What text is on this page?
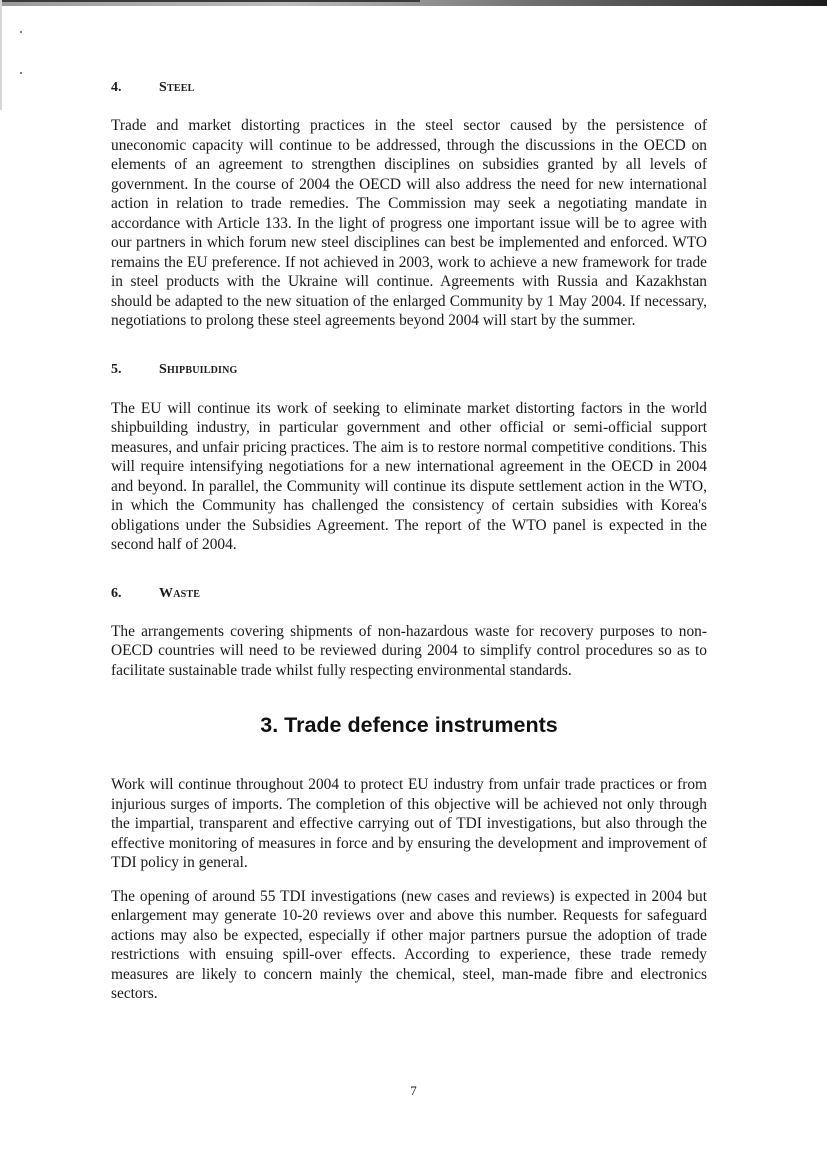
4.	Steel

Trade and market distorting practices in the steel sector caused by the persistence of uneconomic capacity will continue to be addressed, through the discussions in the OECD on elements of an agreement to strengthen disciplines on subsidies granted by all levels of government. In the course of 2004 the OECD will also address the need for new international action in relation to trade remedies. The Commission may seek a negotiating mandate in accordance with Article 133. In the light of progress one important issue will be to agree with our partners in which forum new steel disciplines can best be implemented and enforced. WTO remains the EU preference. If not achieved in 2003, work to achieve a new framework for trade in steel products with the Ukraine will continue. Agreements with Russia and Kazakhstan should be adapted to the new situation of the enlarged Community by 1 May 2004. If necessary, negotiations to prolong these steel agreements beyond 2004 will start by the summer.

5.	Shipbuilding

The EU will continue its work of seeking to eliminate market distorting factors in the world shipbuilding industry, in particular government and other official or semi-official support measures, and unfair pricing practices. The aim is to restore normal competitive conditions. This will require intensifying negotiations for a new international agreement in the OECD in 2004 and beyond. In parallel, the Community will continue its dispute settlement action in the WTO, in which the Community has challenged the consistency of certain subsidies with Korea's obligations under the Subsidies Agreement. The report of the WTO panel is expected in the second half of 2004.

6.	Waste

The arrangements covering shipments of non-hazardous waste for recovery purposes to non-OECD countries will need to be reviewed during 2004 to simplify control procedures so as to facilitate sustainable trade whilst fully respecting environmental standards.

3. Trade defence instruments

Work will continue throughout 2004 to protect EU industry from unfair trade practices or from injurious surges of imports. The completion of this objective will be achieved not only through the impartial, transparent and effective carrying out of TDI investigations, but also through the effective monitoring of measures in force and by ensuring the development and improvement of TDI policy in general.

The opening of around 55 TDI investigations (new cases and reviews) is expected in 2004 but enlargement may generate 10-20 reviews over and above this number. Requests for safeguard actions may also be expected, especially if other major partners pursue the adoption of trade restrictions with ensuing spill-over effects. According to experience, these trade remedy measures are likely to concern mainly the chemical, steel, man-made fibre and electronics sectors.

7
